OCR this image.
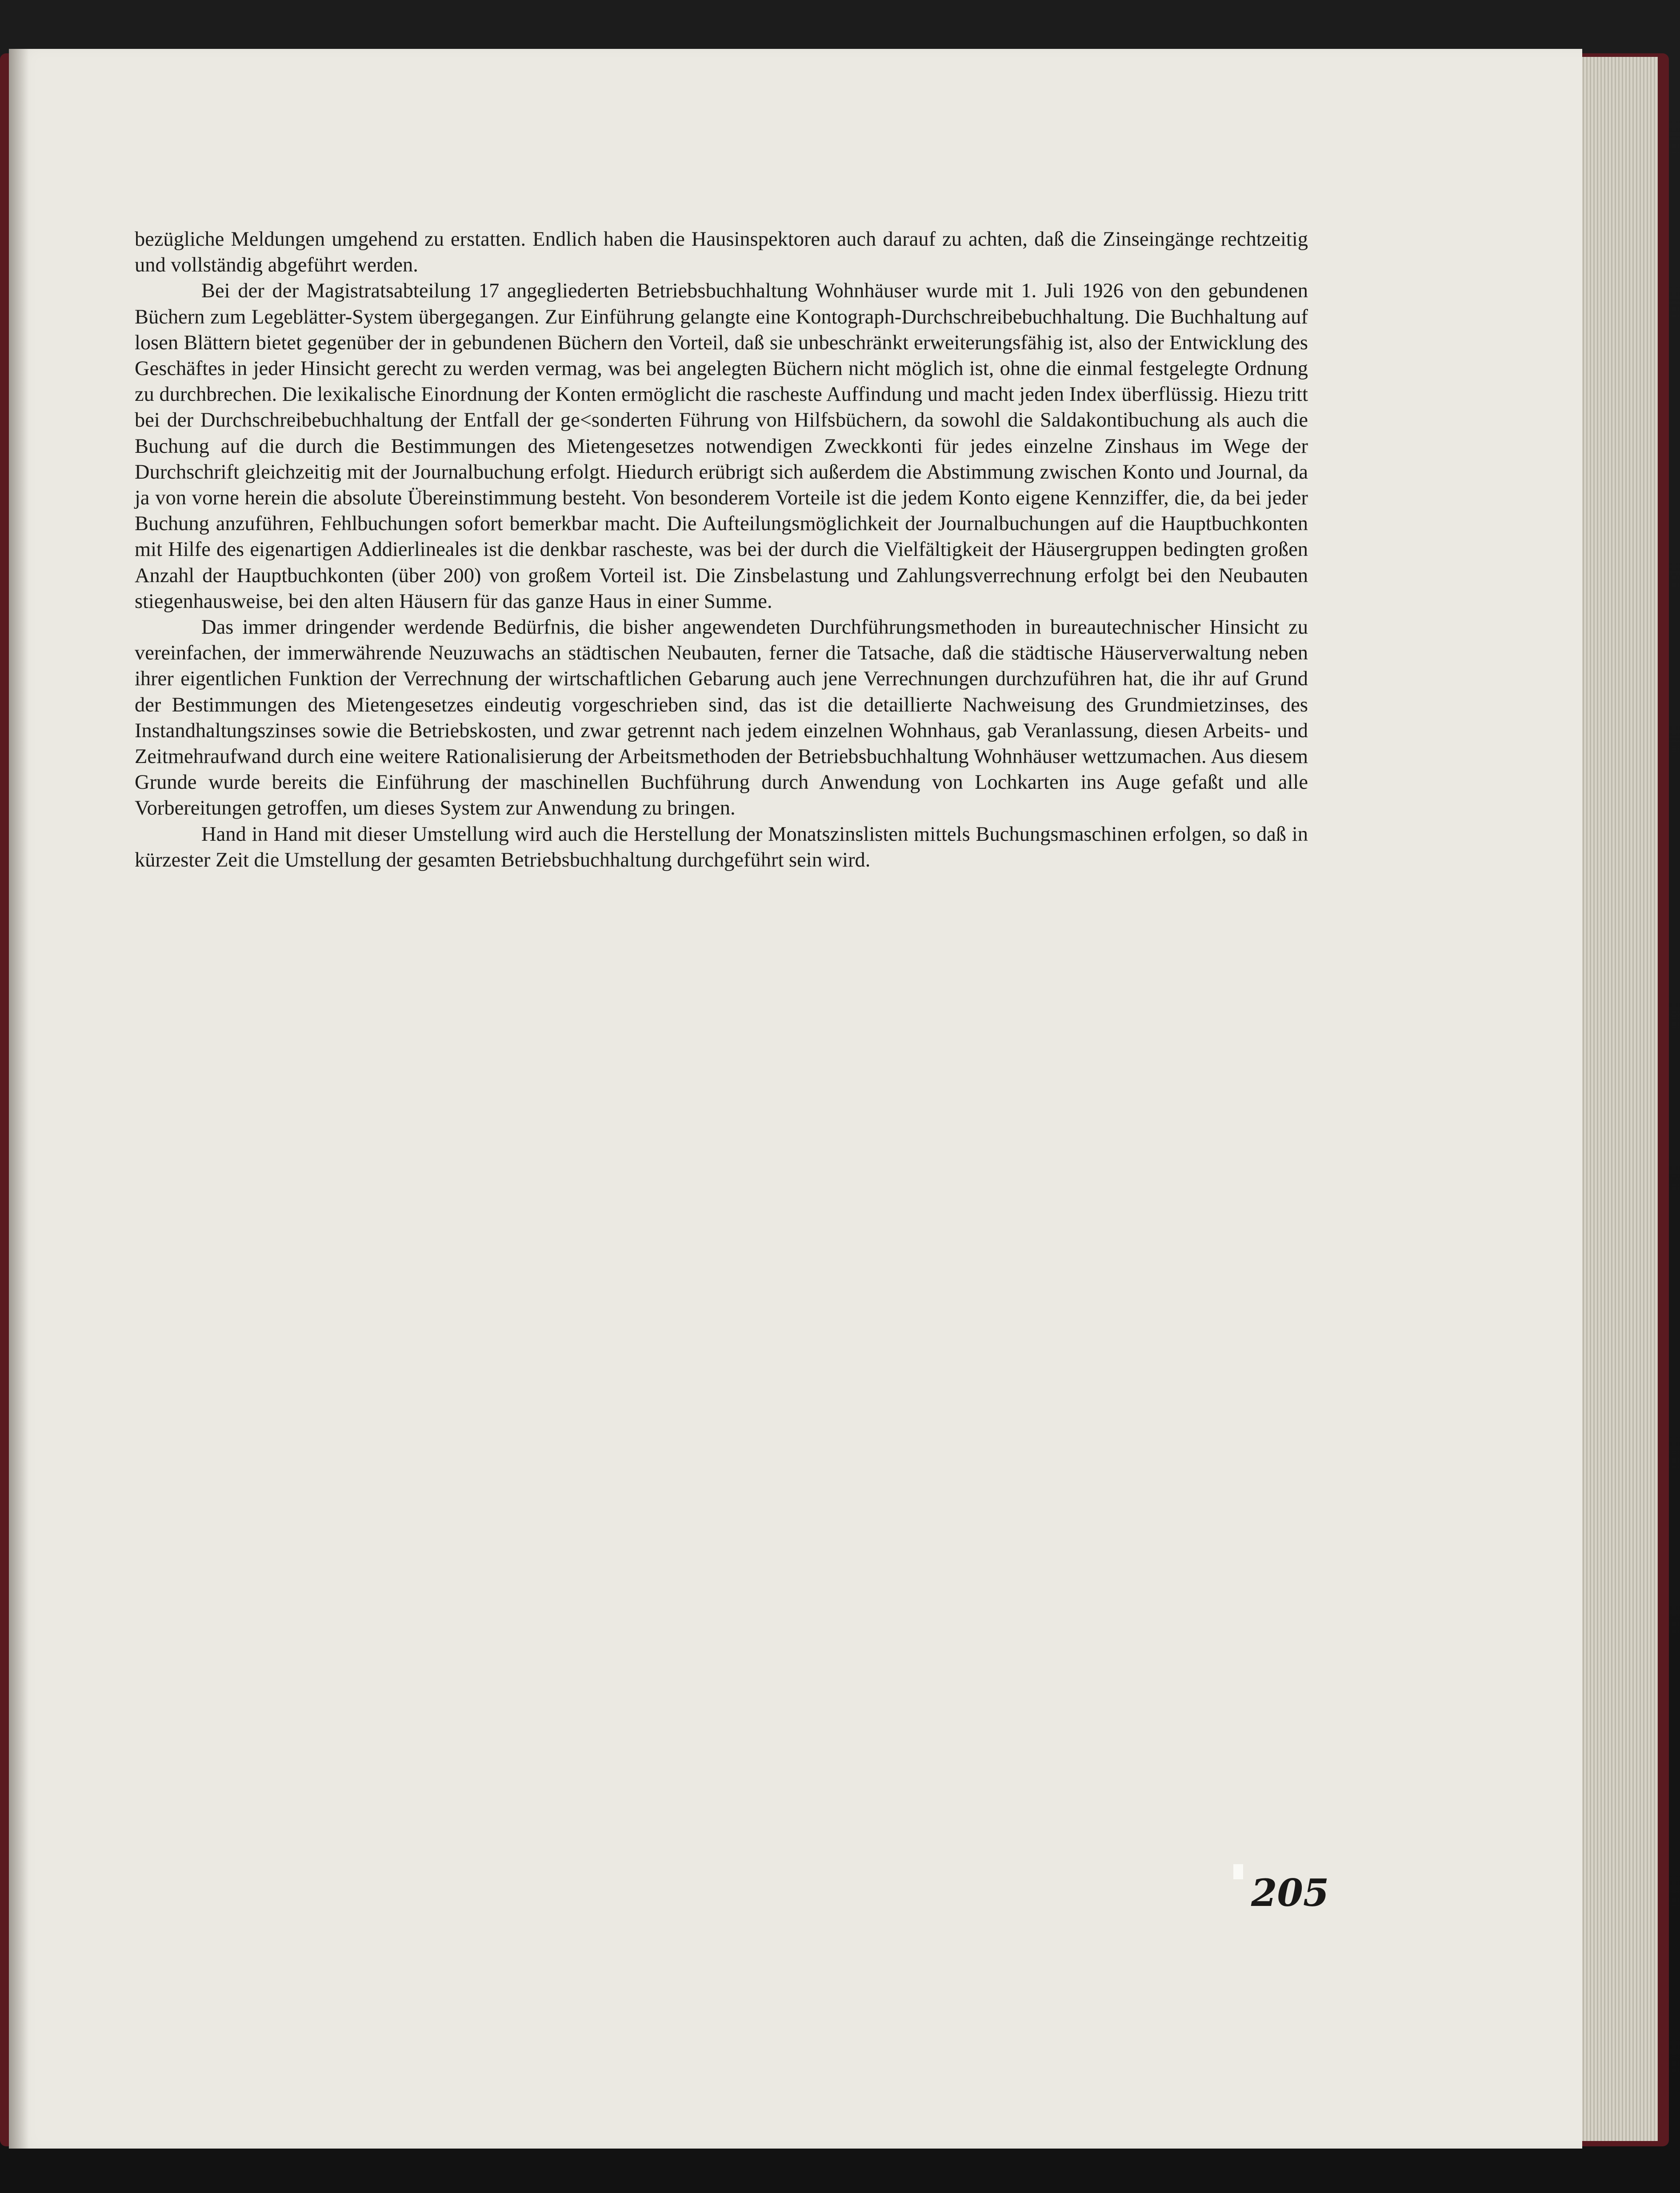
bezügliche Meldungen umgehend zu erstatten. Endlich haben die Hausinspektoren auch darauf zu achten, daß die Zinseingänge rechtzeitig und vollständig abgeführt werden.

Bei der der Magistratsabteilung 17 angegliederten Betriebsbuchhaltung Wohnhäuser wurde mit 1. Juli 1926 von den gebundenen Büchern zum Legeblätter-System übergegangen. Zur Einführung gelangte eine Kontograph-Durchschreibebuchhaltung. Die Buchhaltung auf losen Blättern bietet gegenüber der in gebundenen Büchern den Vorteil, daß sie unbeschränkt erweiterungsfähig ist, also der Entwicklung des Geschäftes in jeder Hinsicht gerecht zu werden vermag, was bei angelegten Büchern nicht möglich ist, ohne die einmal festgelegte Ordnung zu durchbrechen. Die lexikalische Einordnung der Konten ermöglicht die rascheste Auffindung und macht jeden Index überflüssig. Hiezu tritt bei der Durchschreibebuchhaltung der Entfall der ge<sonderten Führung von Hilfsbüchern, da sowohl die Saldakontibuchung als auch die Buchung auf die durch die Bestimmungen des Mietengesetzes notwendigen Zweckkonti für jedes einzelne Zinshaus im Wege der Durchschrift gleichzeitig mit der Journalbuchung erfolgt. Hiedurch erübrigt sich außerdem die Abstimmung zwischen Konto und Journal, da ja von vorne herein die absolute Übereinstimmung besteht. Von besonderem Vorteile ist die jedem Konto eigene Kennziffer, die, da bei jeder Buchung anzuführen, Fehlbuchungen sofort bemerkbar macht. Die Aufteilungsmöglichkeit der Journalbuchungen auf die Hauptbuchkonten mit Hilfe des eigenartigen Addierlineales ist die denkbar rascheste, was bei der durch die Vielfältigkeit der Häusergruppen bedingten großen Anzahl der Hauptbuchkonten (über 200) von großem Vorteil ist. Die Zinsbelastung und Zahlungsverrechnung erfolgt bei den Neubauten stiegenhausweise, bei den alten Häusern für das ganze Haus in einer Summe.

Das immer dringender werdende Bedürfnis, die bisher angewendeten Durchführungsmethoden in bureautechnischer Hinsicht zu vereinfachen, der immerwährende Neuzuwachs an städtischen Neubauten, ferner die Tatsache, daß die städtische Häuserverwaltung neben ihrer eigentlichen Funktion der Verrechnung der wirtschaftlichen Gebarung auch jene Verrechnungen durchzuführen hat, die ihr auf Grund der Bestimmungen des Mietengesetzes eindeutig vorgeschrieben sind, das ist die detaillierte Nachweisung des Grundmietzinses, des Instandhaltungszinses sowie die Betriebskosten, und zwar getrennt nach jedem einzelnen Wohnhaus, gab Veranlassung, diesen Arbeits- und Zeitmehraufwand durch eine weitere Rationalisierung der Arbeitsmethoden der Betriebsbuchhaltung Wohnhäuser wettzumachen. Aus diesem Grunde wurde bereits die Einführung der maschinellen Buchführung durch Anwendung von Lochkarten ins Auge gefaßt und alle Vorbereitungen getroffen, um dieses System zur Anwendung zu bringen.

Hand in Hand mit dieser Umstellung wird auch die Herstellung der Monatszinslisten mittels Buchungsmaschinen erfolgen, so daß in kürzester Zeit die Umstellung der gesamten Betriebsbuchhaltung durchgeführt sein wird.

205
